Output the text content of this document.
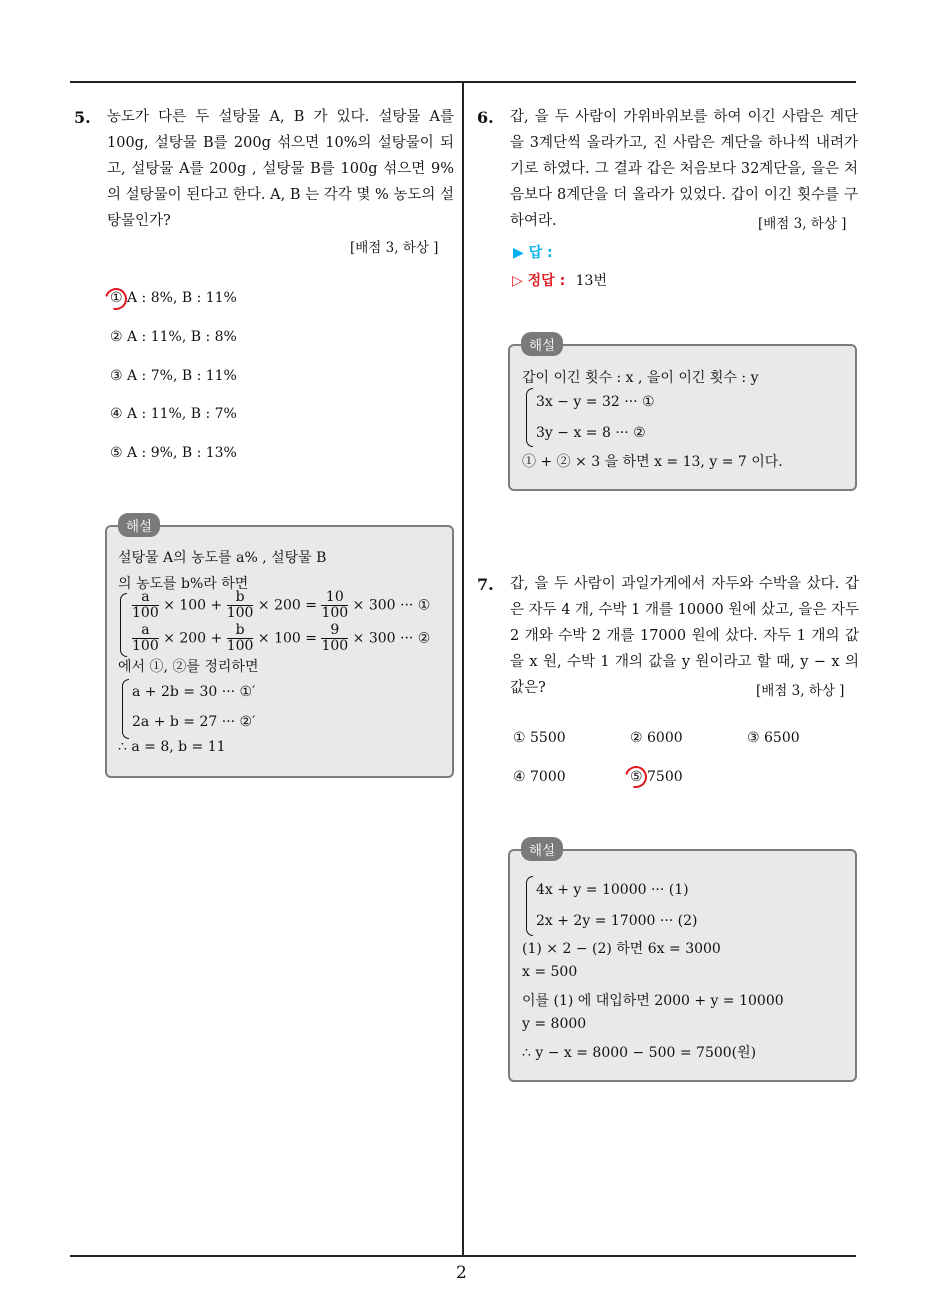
2
5. 농도가 다른 두 설탕물 A, B 가 있다. 설탕물 A를 100g, 설탕물 B를 200g 섞으면 10%의 설탕물이 되고, 설탕물 A를 200g , 설탕물 B를 100g 섞으면 9% 의 설탕물이 된다고 한다. A, B 는 각각 몇 % 농도의 설탕물인가?
[배점 3, 하상 ]
① A : 8%, B : 11%
② A : 11%, B : 8%
③ A : 7%, B : 11%
④ A : 11%, B : 7%
⑤ A : 9%, B : 13%
해설
설탕물 A의 농도를 a% , 설탕물 B
의 농도를 b%라 하면
$\frac{a}{100} \times 100 + \frac{b}{100} \times 200 = \frac{10}{100} \times 300$ ··· ①
$\frac{a}{100} \times 200 + \frac{b}{100} \times 100 = \frac{9}{100} \times 300$ ··· ②
에서 ①, ②를 정리하면
a + 2b = 30 ··· ①′
2a + b = 27 ··· ②′
∴ a = 8, b = 11
6. 갑, 을 두 사람이 가위바위보를 하여 이긴 사람은 계단을 3계단씩 올라가고, 진 사람은 계단을 하나씩 내려가기로 하였다. 그 결과 갑은 처음보다 32계단을, 을은 처음보다 8계단을 더 올라가 있었다. 갑이 이긴 횟수를 구하여라.	[배점 3, 하상 ]
▶ 답 :
▷ 정답 : 13번
해설
갑이 이긴 횟수 : x , 을이 이긴 횟수 : y
3x − y = 32 ··· ①
3y − x = 8 ··· ②
① + ② × 3 을 하면 x = 13, y = 7 이다.
7. 갑, 을 두 사람이 과일가게에서 자두와 수박을 샀다. 갑은 자두 4 개, 수박 1 개를 10000 원에 샀고, 을은 자두 2 개와 수박 2 개를 17000 원에 샀다. 자두 1 개의 값을 x 원, 수박 1 개의 값을 y 원이라고 할 때, y − x 의 값은?	[배점 3, 하상 ]
① 5500	② 6000	③ 6500
④ 7000	⑤ 7500
해설
4x + y = 10000 ··· (1)
2x + 2y = 17000 ··· (2)
(1) × 2 − (2) 하면 6x = 3000
x = 500
이를 (1) 에 대입하면 2000 + y = 10000
y = 8000
∴ y − x = 8000 − 500 = 7500(원)
